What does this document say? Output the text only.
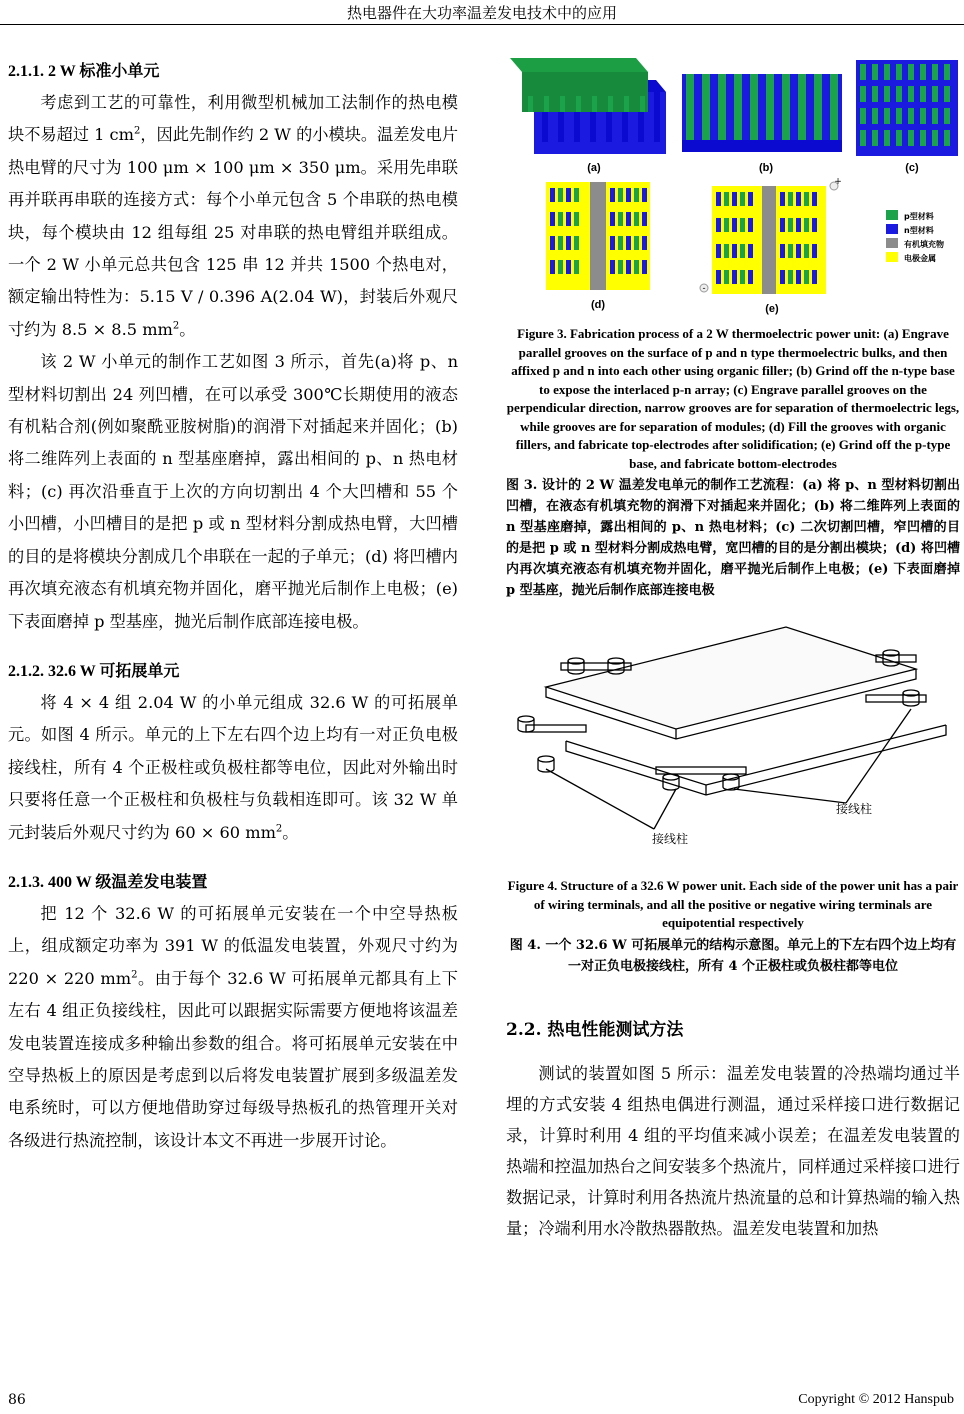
热电器件在大功率温差发电技术中的应用
2.1.1. 2 W 标准小单元

考虑到工艺的可靠性，利用微型机械加工法制作的热电模块不易超过 1 $cm^2$，因此先制作约 2 W 的小模块。温差发电片热电臂的尺寸为 100 μm × 100 μm × 350 μm。采用先串联再并联再串联的连接方式：每个小单元包含 5 个串联的热电模块，每个模块由 12 组每组 25 对串联的热电臂组并联组成。一个 2 W 小单元总共包含 125 串 12 并共 1500 个热电对，额定输出特性为：5.15 V / 0.396 A(2.04 W)，封装后外观尺寸约为 8.5 × 8.5 $mm^2$。

该 2 W 小单元的制作工艺如图 3 所示，首先(a)将 p、n 型材料切割出 24 列凹槽，在可以承受 300℃长期使用的液态有机粘合剂(例如聚酰亚胺树脂)的润滑下对插起来并固化；(b) 将二维阵列上表面的 n 型基座磨掉，露出相间的 p、n 热电材料；(c) 再次沿垂直于上次的方向切割出 4 个大凹槽和 55 个小凹槽，小凹槽目的是把 p 或 n 型材料分割成热电臂，大凹槽的目的是将模块分割成几个串联在一起的子单元；(d) 将凹槽内再次填充液态有机填充物并固化，磨平抛光后制作上电极；(e) 下表面磨掉 p 型基座，抛光后制作底部连接电极。

2.1.2. 32.6 W 可拓展单元

将 4 × 4 组 2.04 W 的小单元组成 32.6 W 的可拓展单元。如图 4 所示。单元的上下左右四个边上均有一对正负电极接线柱，所有 4 个正极柱或负极柱都等电位，因此对外输出时只要将任意一个正极柱和负极柱与负载相连即可。该 32 W 单元封装后外观尺寸约为 60 × 60 $mm^2$。

2.1.3. 400 W 级温差发电装置

把 12 个 32.6 W 的可拓展单元安装在一个中空导热板上，组成额定功率为 391 W 的低温发电装置，外观尺寸约为 220 × 220 $mm^2$。由于每个 32.6 W 可拓展单元都具有上下左右 4 组正负接线柱，因此可以跟据实际需要方便地将该温差发电装置连接成多种输出参数的组合。将可拓展单元安装在中空导热板上的原因是考虑到以后将发电装置扩展到多级温差发电系统时，可以方便地借助穿过每级导热板孔的热管理开关对各级进行热流控制，该设计本文不再进一步展开讨论。

(a)	(b)	(c)
(d)
+
-
(e)
p型材料
n型材料
有机填充物
电极金属

Figure 3. Fabrication process of a 2 W thermoelectric power unit: (a) Engrave parallel grooves on the surface of p and n type thermoelectric bulks, and then affixed p and n into each other using organic filler; (b) Grind off the n-type base to expose the interlaced p-n array; (c) Engrave parallel grooves on the perpendicular direction, narrow grooves are for separation of thermoelectric legs, while grooves are for separation of modules; (d) Fill the grooves with organic fillers, and fabricate top-electrodes after solidification; (e) Grind off the p-type base, and fabricate bottom-electrodes

图 3. 设计的 2 W 温差发电单元的制作工艺流程：(a) 将 p、n 型材料切割出凹槽，在液态有机填充物的润滑下对插起来并固化；(b) 将二维阵列上表面的 n 型基座磨掉，露出相间的 p、n 热电材料；(c) 二次切割凹槽，窄凹槽的目的是把 p 或 n 型材料分割成热电臂，宽凹槽的目的是分割出模块；(d) 将凹槽内再次填充液态有机填充物并固化，磨平抛光后制作上电极；(e) 下表面磨掉 p 型基座，抛光后制作底部连接电极

接线柱
接线柱

Figure 4. Structure of a 32.6 W power unit. Each side of the power unit has a pair of wiring terminals, and all the positive or negative wiring terminals are equipotential respectively

图 4. 一个 32.6 W 可拓展单元的结构示意图。单元上的下左右四个边上均有一对正负电极接线柱，所有 4 个正极柱或负极柱都等电位

2.2. 热电性能测试方法

测试的装置如图 5 所示：温差发电装置的冷热端均通过半埋的方式安装 4 组热电偶进行测温，通过采样接口进行数据记录，计算时利用 4 组的平均值来减小误差；在温差发电装置的热端和控温加热台之间安装多个热流片，同样通过采样接口进行数据记录，计算时利用各热流片热流量的总和计算热端的输入热量；冷端利用水冷散热器散热。温差发电装置和加热

86	Copyright © 2012 Hanspub
